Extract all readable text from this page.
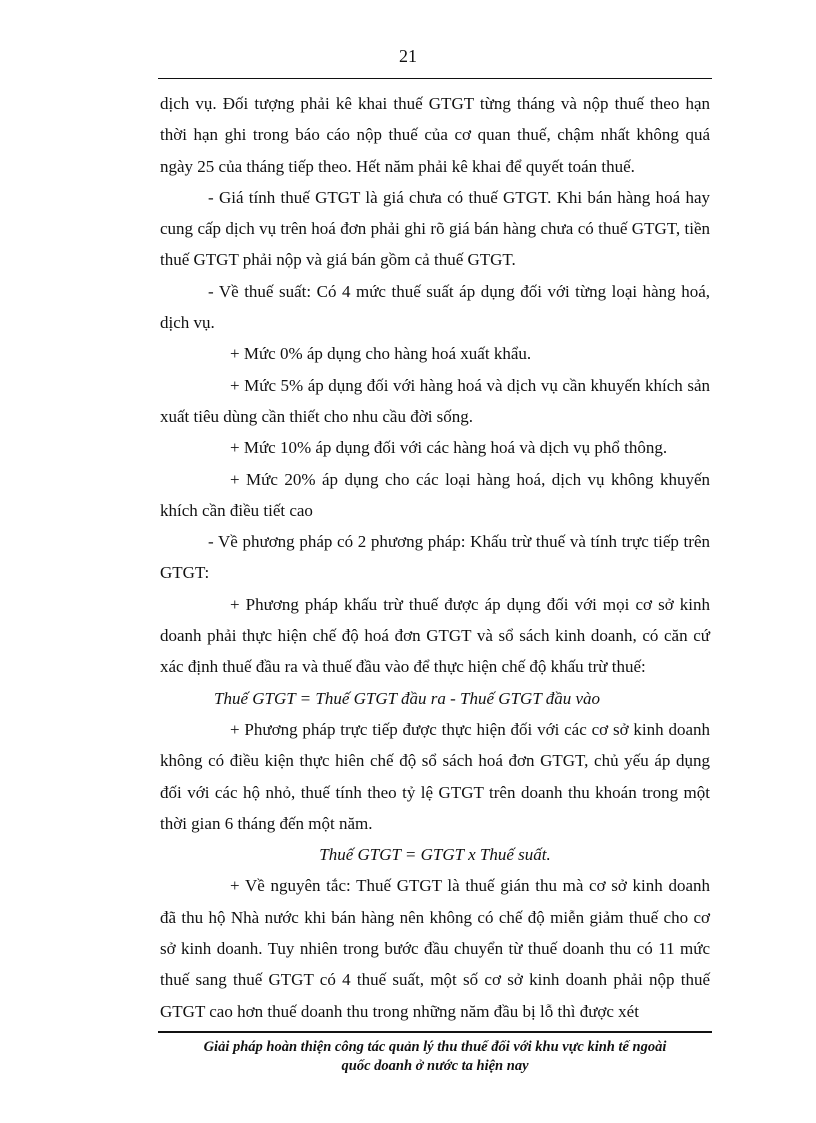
21

dịch vụ. Đối tượng phải kê khai thuế GTGT từng tháng và nộp thuế theo hạn thời hạn ghi trong báo cáo nộp thuế của cơ quan thuế, chậm nhất không quá ngày 25 của tháng tiếp theo. Hết năm phải kê khai để quyết toán thuế.

- Giá tính thuế GTGT là giá chưa có thuế GTGT. Khi bán hàng hoá hay cung cấp dịch vụ trên hoá đơn phải ghi rõ giá bán hàng chưa có thuế GTGT, tiền thuế GTGT phải nộp và giá bán gồm cả thuế GTGT.

- Về thuế suất: Có 4 mức thuế suất áp dụng đối với từng loại hàng hoá, dịch vụ.

+ Mức 0% áp dụng cho hàng hoá xuất khẩu.

+ Mức 5% áp dụng đối với hàng hoá và dịch vụ cần khuyến khích sản xuất tiêu dùng cần thiết cho nhu cầu đời sống.

+ Mức 10% áp dụng đối với các hàng hoá và dịch vụ phổ thông.

+ Mức 20% áp dụng cho các loại hàng hoá, dịch vụ không khuyến khích cần điều tiết cao

- Về phương pháp có 2 phương pháp: Khấu trừ thuế và tính trực tiếp trên GTGT:

+ Phương pháp khấu trừ thuế được áp dụng đối với mọi cơ sở kinh doanh phải thực hiện chế độ hoá đơn GTGT và sổ sách kinh doanh, có căn cứ xác định thuế đầu ra và thuế đầu vào để thực hiện chế độ khấu trừ thuế:

Thuế GTGT = Thuế GTGT đầu ra - Thuế GTGT đầu vào

+ Phương pháp trực tiếp được thực hiện đối với các cơ sở kinh doanh không có điều kiện thực hiên chế độ sổ sách hoá đơn GTGT, chủ yếu áp dụng đối với các hộ nhỏ, thuế tính theo tỷ lệ GTGT trên doanh thu khoán trong một thời gian 6 tháng đến một năm.

Thuế GTGT = GTGT x Thuế suất.

+ Về nguyên tắc: Thuế GTGT là thuế gián thu mà cơ sở kinh doanh đã thu hộ Nhà nước khi bán hàng nên không có chế độ miễn giảm thuế cho cơ sở kinh doanh. Tuy nhiên trong bước đầu chuyển từ thuế doanh thu có 11 mức thuế sang thuế GTGT có 4 thuế suất, một số cơ sở kinh doanh phải nộp thuế GTGT cao hơn thuế doanh thu trong những năm đầu bị lỗ thì được xét

Giải pháp hoàn thiện công tác quản lý thu thuế đối với khu vực kinh tế ngoài
quốc doanh ở nước ta hiện nay
